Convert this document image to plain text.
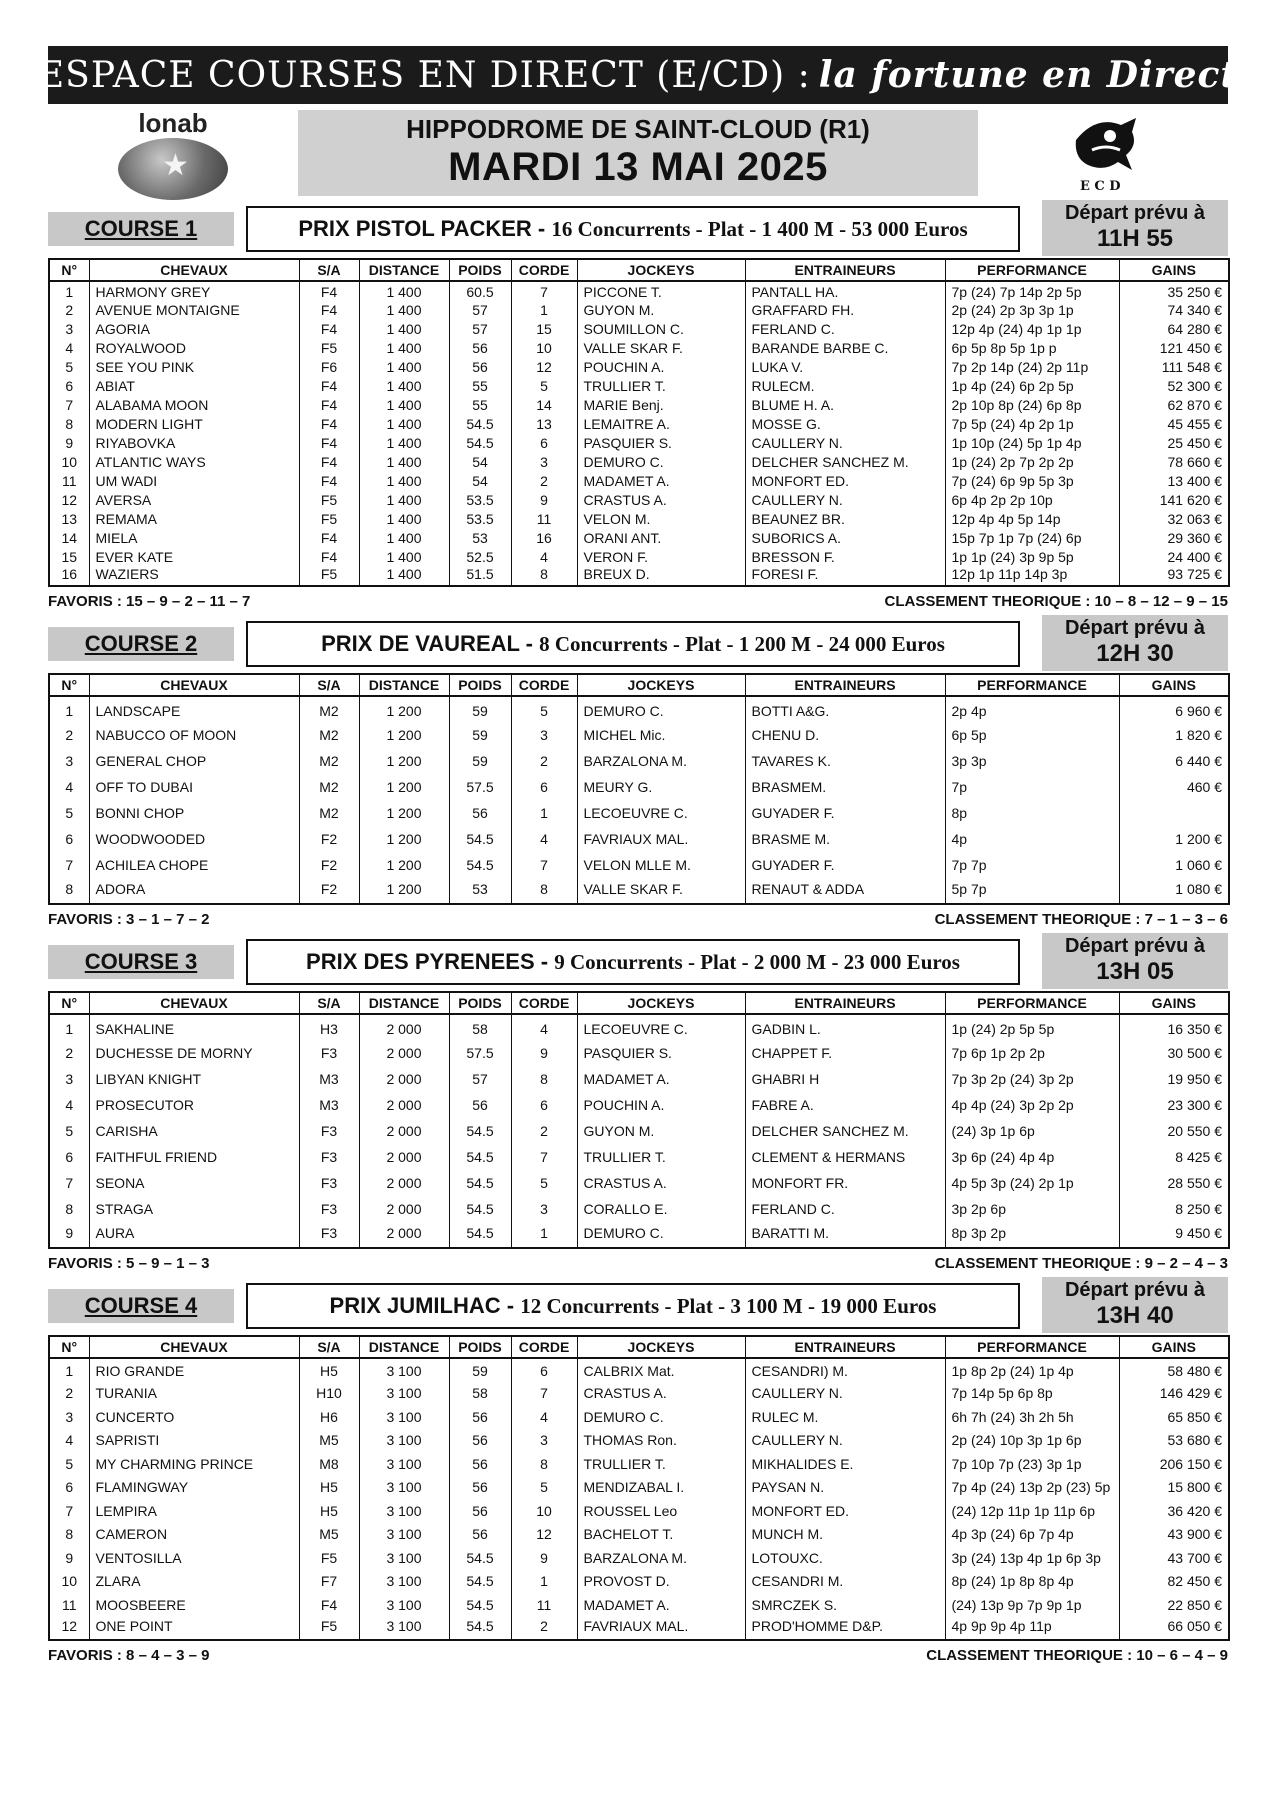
ESPACE COURSES EN DIRECT (E/CD) : la fortune en Direct
lonab
★
HIPPODROME DE SAINT-CLOUD (R1)
MARDI 13 MAI 2025	E C D
COURSE 1	PRIX PISTOL PACKER - 16 Concurrents - Plat - 1 400 M - 53 000 Euros
Départ prévu à
11H 55
N°	CHEVAUX	S/A	DISTANCE	POIDS	CORDE	JOCKEYS	ENTRAINEURS	PERFORMANCE	GAINS
1	HARMONY GREY	F4	1 400	60.5	7	PICCONE T.	PANTALL HA.	7p (24) 7p 14p 2p 5p	35 250 €
2	AVENUE MONTAIGNE	F4	1 400	57	1	GUYON M.	GRAFFARD FH.	2p (24) 2p 3p 3p 1p	74 340 €
3	AGORIA	F4	1 400	57	15	SOUMILLON C.	FERLAND C.	12p 4p (24) 4p 1p 1p	64 280 €
4	ROYALWOOD	F5	1 400	56	10	VALLE SKAR F.	BARANDE BARBE C.	6p 5p 8p 5p 1p p	121 450 €
5	SEE YOU PINK	F6	1 400	56	12	POUCHIN A.	LUKA V.	7p 2p 14p (24) 2p 11p	111 548 €
6	ABIAT	F4	1 400	55	5	TRULLIER T.	RULECM.	1p 4p (24) 6p 2p 5p	52 300 €
7	ALABAMA MOON	F4	1 400	55	14	MARIE Benj.	BLUME H. A.	2p 10p 8p (24) 6p 8p	62 870 €
8	MODERN LIGHT	F4	1 400	54.5	13	LEMAITRE A.	MOSSE G.	7p 5p (24) 4p 2p 1p	45 455 €
9	RIYABOVKA	F4	1 400	54.5	6	PASQUIER S.	CAULLERY N.	1p 10p (24) 5p 1p 4p	25 450 €
10	ATLANTIC WAYS	F4	1 400	54	3	DEMURO C.	DELCHER SANCHEZ M.	1p (24) 2p 7p 2p 2p	78 660 €
11	UM WADI	F4	1 400	54	2	MADAMET A.	MONFORT ED.	7p (24) 6p 9p 5p 3p	13 400 €
12	AVERSA	F5	1 400	53.5	9	CRASTUS A.	CAULLERY N.	6p 4p 2p 2p 10p	141 620 €
13	REMAMA	F5	1 400	53.5	11	VELON M.	BEAUNEZ BR.	12p 4p 4p 5p 14p	32 063 €
14	MIELA	F4	1 400	53	16	ORANI ANT.	SUBORICS A.	15p 7p 1p 7p (24) 6p	29 360 €
15	EVER KATE	F4	1 400	52.5	4	VERON F.	BRESSON F.	1p 1p (24) 3p 9p 5p	24 400 €
16	WAZIERS	F5	1 400	51.5	8	BREUX D.	FORESI F.	12p 1p 11p 14p 3p	93 725 €
FAVORIS : 15 – 9 – 2 – 11 – 7	CLASSEMENT THEORIQUE : 10 – 8 – 12 – 9 – 15
COURSE 2	PRIX DE VAUREAL - 8 Concurrents - Plat - 1 200 M - 24 000 Euros
Départ prévu à
12H 30
N°	CHEVAUX	S/A	DISTANCE	POIDS	CORDE	JOCKEYS	ENTRAINEURS	PERFORMANCE	GAINS
1	LANDSCAPE	M2	1 200	59	5	DEMURO C.	BOTTI A&G.	2p 4p	6 960 €
2	NABUCCO OF MOON	M2	1 200	59	3	MICHEL Mic.	CHENU D.	6p 5p	1 820 €
3	GENERAL CHOP	M2	1 200	59	2	BARZALONA M.	TAVARES K.	3p 3p	6 440 €
4	OFF TO DUBAI	M2	1 200	57.5	6	MEURY G.	BRASMEM.	7p	460 €
5	BONNI CHOP	M2	1 200	56	1	LECOEUVRE C.	GUYADER F.	8p	
6	WOODWOODED	F2	1 200	54.5	4	FAVRIAUX MAL.	BRASME M.	4p	1 200 €
7	ACHILEA CHOPE	F2	1 200	54.5	7	VELON MLLE M.	GUYADER F.	7p 7p	1 060 €
8	ADORA	F2	1 200	53	8	VALLE SKAR F.	RENAUT & ADDA	5p 7p	1 080 €
FAVORIS : 3 – 1 – 7 – 2	CLASSEMENT THEORIQUE : 7 – 1 – 3 – 6
COURSE 3	PRIX DES PYRENEES - 9 Concurrents - Plat - 2 000 M - 23 000 Euros
Départ prévu à
13H 05
N°	CHEVAUX	S/A	DISTANCE	POIDS	CORDE	JOCKEYS	ENTRAINEURS	PERFORMANCE	GAINS
1	SAKHALINE	H3	2 000	58	4	LECOEUVRE C.	GADBIN L.	1p (24) 2p 5p 5p	16 350 €
2	DUCHESSE DE MORNY	F3	2 000	57.5	9	PASQUIER S.	CHAPPET F.	7p 6p 1p 2p 2p	30 500 €
3	LIBYAN KNIGHT	M3	2 000	57	8	MADAMET A.	GHABRI H	7p 3p 2p (24) 3p 2p	19 950 €
4	PROSECUTOR	M3	2 000	56	6	POUCHIN A.	FABRE A.	4p 4p (24) 3p 2p 2p	23 300 €
5	CARISHA	F3	2 000	54.5	2	GUYON M.	DELCHER SANCHEZ M.	(24) 3p 1p 6p	20 550 €
6	FAITHFUL FRIEND	F3	2 000	54.5	7	TRULLIER T.	CLEMENT & HERMANS	3p 6p (24) 4p 4p	8 425 €
7	SEONA	F3	2 000	54.5	5	CRASTUS A.	MONFORT FR.	4p 5p 3p (24) 2p 1p	28 550 €
8	STRAGA	F3	2 000	54.5	3	CORALLO E.	FERLAND C.	3p 2p 6p	8 250 €
9	AURA	F3	2 000	54.5	1	DEMURO C.	BARATTI M.	8p 3p 2p	9 450 €
FAVORIS : 5 – 9 – 1 – 3	CLASSEMENT THEORIQUE : 9 – 2 – 4 – 3
COURSE 4	PRIX JUMILHAC - 12 Concurrents - Plat - 3 100 M - 19 000 Euros
Départ prévu à
13H 40
N°	CHEVAUX	S/A	DISTANCE	POIDS	CORDE	JOCKEYS	ENTRAINEURS	PERFORMANCE	GAINS
1	RIO GRANDE	H5	3 100	59	6	CALBRIX Mat.	CESANDRI) M.	1p 8p 2p (24) 1p 4p	58 480 €
2	TURANIA	H10	3 100	58	7	CRASTUS A.	CAULLERY N.	7p 14p 5p 6p 8p	146 429 €
3	CUNCERTO	H6	3 100	56	4	DEMURO C.	RULEC M.	6h 7h (24) 3h 2h 5h	65 850 €
4	SAPRISTI	M5	3 100	56	3	THOMAS Ron.	CAULLERY N.	2p (24) 10p 3p 1p 6p	53 680 €
5	MY CHARMING PRINCE	M8	3 100	56	8	TRULLIER T.	MIKHALIDES E.	7p 10p 7p (23) 3p 1p	206 150 €
6	FLAMINGWAY	H5	3 100	56	5	MENDIZABAL I.	PAYSAN N.	7p 4p (24) 13p 2p (23) 5p	15 800 €
7	LEMPIRA	H5	3 100	56	10	ROUSSEL Leo	MONFORT ED.	(24) 12p 11p 1p 11p 6p	36 420 €
8	CAMERON	M5	3 100	56	12	BACHELOT T.	MUNCH M.	4p 3p (24) 6p 7p 4p	43 900 €
9	VENTOSILLA	F5	3 100	54.5	9	BARZALONA M.	LOTOUXC.	3p (24) 13p 4p 1p 6p 3p	43 700 €
10	ZLARA	F7	3 100	54.5	1	PROVOST D.	CESANDRI M.	8p (24) 1p 8p 8p 4p	82 450 €
11	MOOSBEERE	F4	3 100	54.5	11	MADAMET A.	SMRCZEK S.	(24) 13p 9p 7p 9p 1p	22 850 €
12	ONE POINT	F5	3 100	54.5	2	FAVRIAUX MAL.	PROD'HOMME D&P.	4p 9p 9p 4p 11p	66 050 €
FAVORIS : 8 – 4 – 3 – 9	CLASSEMENT THEORIQUE : 10 – 6 – 4 – 9
